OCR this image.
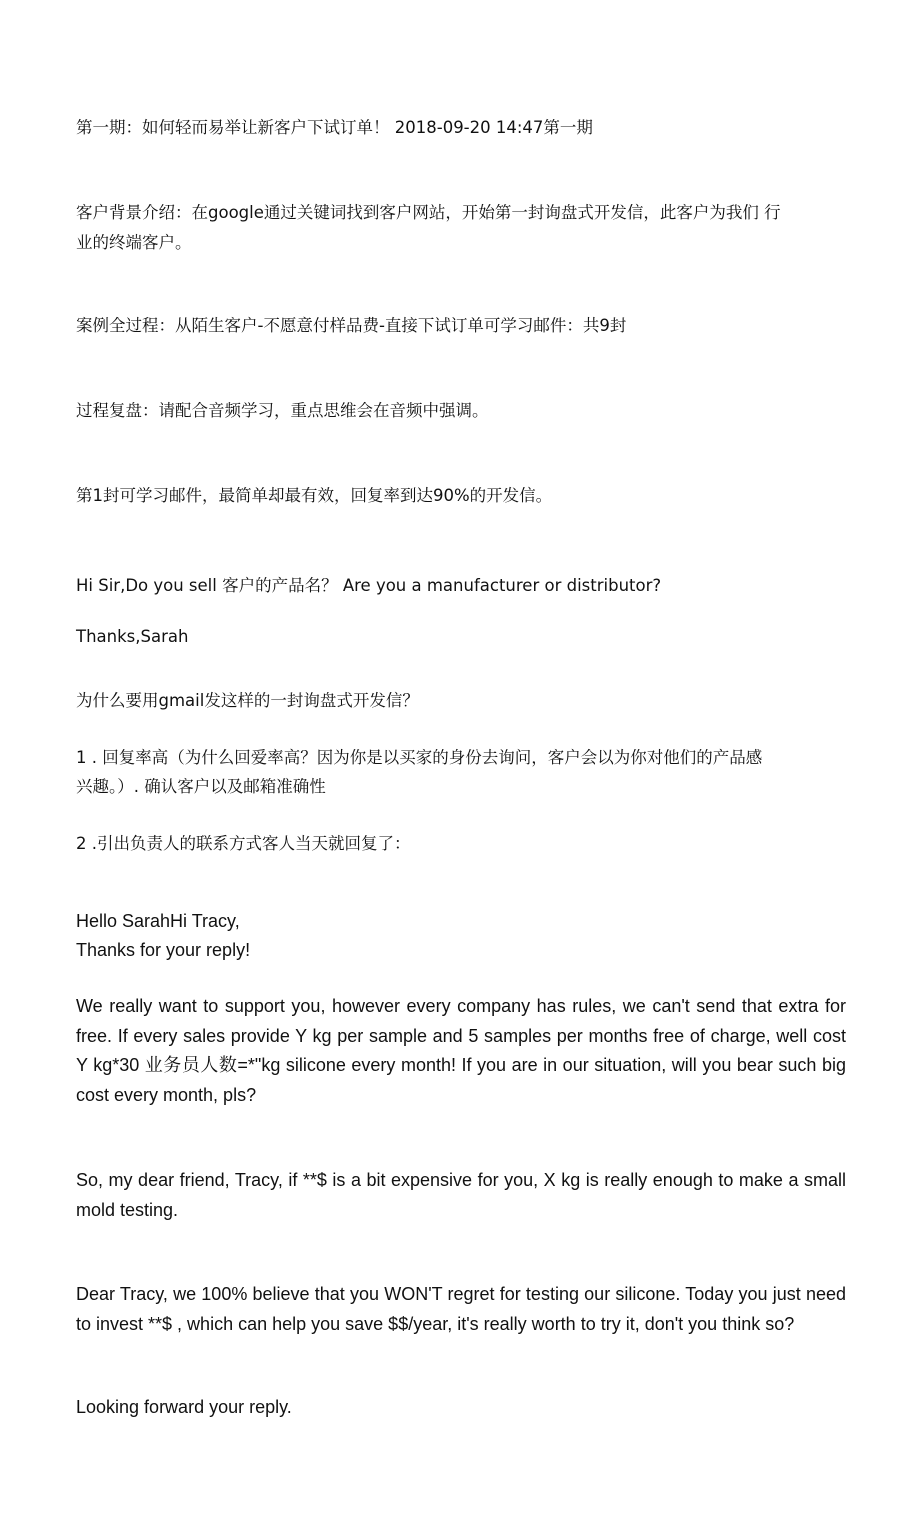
第一期：如何轻而易举让新客户下试订单！ 2018-09-20 14:47第一期

客户背景介绍：在google通过关键词找到客户网站，开始第一封询盘式开发信，此客户为我们 行

业的终端客户。

案例全过程：从陌生客户-不愿意付样品费-直接下试订单可学习邮件：共9封

过程复盘：请配合音频学习，重点思维会在音频中强调。

第1封可学习邮件，最简单却最有效，回复率到达90%的开发信。

Hi Sir,Do you sell 客户的产品名？ Are you a manufacturer or distributor?

Thanks,Sarah

为什么要用gmail发这样的一封询盘式开发信？

1 . 回复率高（为什么回爱率高？因为你是以买家的身份去询问，客户会以为你对他们的产品感

兴趣。）. 确认客户以及邮箱准确性

2 .引出负责人的联系方式客人当天就回复了：

Hello SarahHi Tracy,

Thanks for your reply!

We really want to support you, however every company has rules, we can't send that extra for free. If every sales provide Y kg per sample and 5 samples per months free of charge, well cost Y kg*30 业务员人数=*"kg silicone every month! If you are in our situation, will you bear such big cost every month, pls?

So, my dear friend, Tracy, if **$ is a bit expensive for you, X kg is really enough to make a small mold testing.

Dear Tracy, we 100% believe that you WON'T regret for testing our silicone. Today you just need to invest **$ , which can help you save $$/year, it's really worth to try it, don't you think so?

Looking forward your reply.
